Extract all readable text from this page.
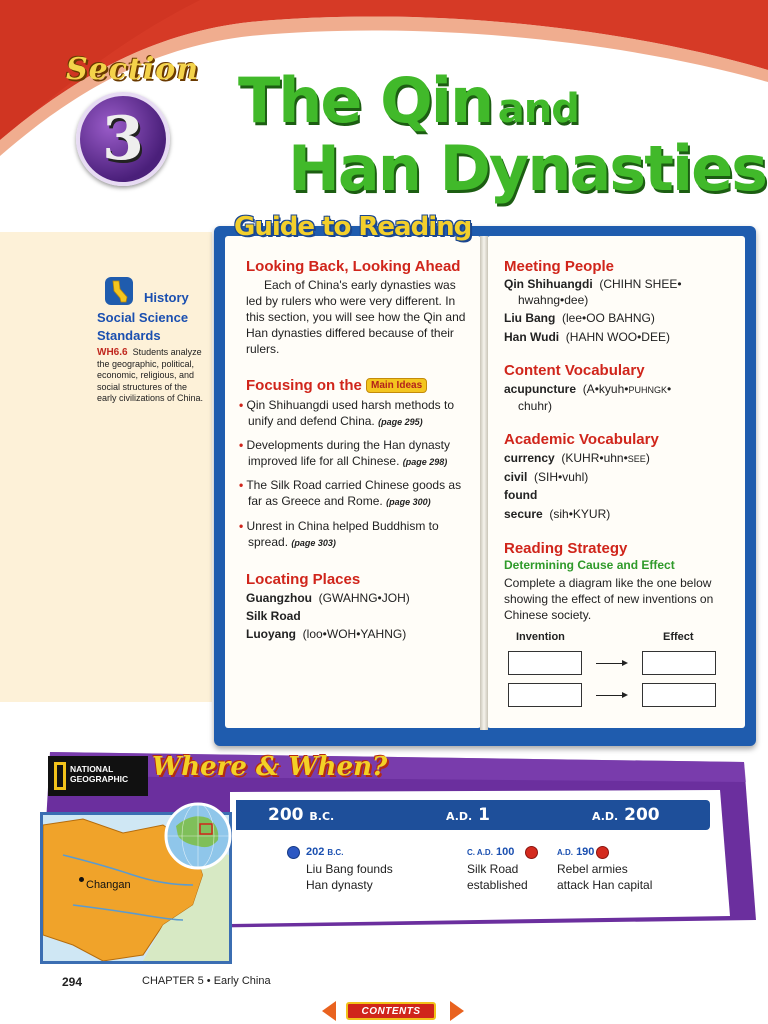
Section
3
The Qin and
Han Dynasties
History
Social Science
Standards
WH6.6 Students analyze the geographic, political, economic, religious, and social structures of the early civilizations of China.
Guide to Reading
Looking Back, Looking Ahead
Each of China's early dynasties was led by rulers who were very different. In this section, you will see how the Qin and Han dynasties differed because of their rulers.
Focusing on the Main Ideas
• Qin Shihuangdi used harsh methods to unify and defend China. (page 295)
• Developments during the Han dynasty improved life for all Chinese. (page 298)
• The Silk Road carried Chinese goods as far as Greece and Rome. (page 300)
• Unrest in China helped Buddhism to spread. (page 303)
Locating Places
Guangzhou (GWAHNG•JOH)
Silk Road
Luoyang (loo•WOH•YAHNG)
Meeting People
Qin Shihuangdi (CHIHN SHEE•
hwahng•dee)
Liu Bang (lee•OO BAHNG)
Han Wudi (HAHN WOO•DEE)
Content Vocabulary
acupuncture (A•kyuh•PUHNGK•
chuhr)
Academic Vocabulary
currency (KUHR•uhn•SEE)
civil (SIH•vuhl)
found
secure (sih•KYUR)
Reading Strategy
Determining Cause and Effect
Complete a diagram like the one below showing the effect of new inventions on Chinese society.
Invention	Effect
NATIONAL
GEOGRAPHIC Where & When?
Changan
200 B.C.	A.D. 1	A.D. 200
202 B.C.
Liu Bang founds
Han dynasty
C. A.D. 100
Silk Road
established
A.D. 190
Rebel armies
attack Han capital
294	CHAPTER 5 • Early China
CONTENTS
